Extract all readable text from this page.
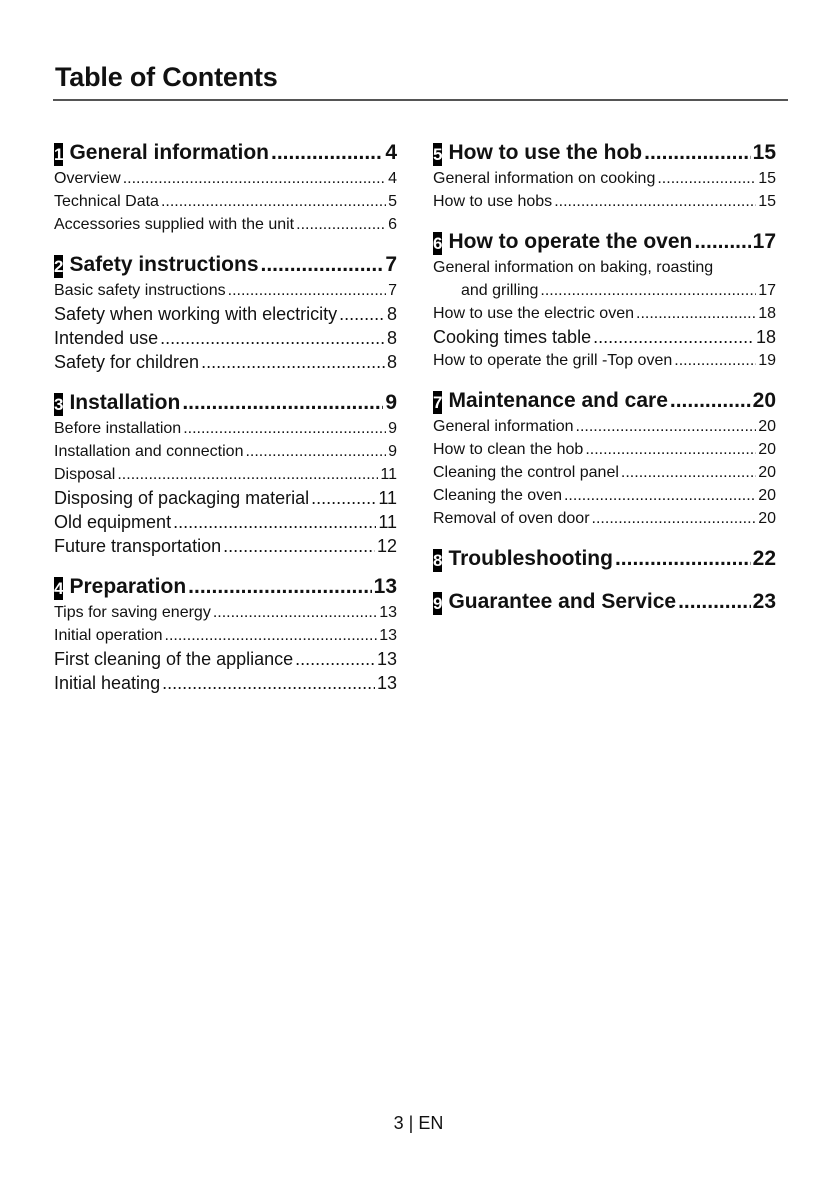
Table of Contents
1 General information .....	4
Overview .....	4
Technical Data .....	5
Accessories supplied with the unit .....	6
2 Safety instructions .....	7
Basic safety instructions .....	7
Safety when working with electricity .....	8
Intended use .....	8
Safety for children .....	8
3 Installation .....	9
Before installation .....	9
Installation and connection .....	9
Disposal .....	11
Disposing of packaging material .....	11
Old equipment .....	11
Future transportation .....	12
4 Preparation .....	13
Tips for saving energy .....	13
Initial operation .....	13
First cleaning of the appliance .....	13
Initial heating .....	13
5 How to use the hob .....	15
General information on cooking .....	15
How to use hobs .....	15
6 How to operate the oven .....	17
General information on baking, roasting
and grilling .....	17
How to use the electric oven .....	18
Cooking times table .....	18
How to operate the grill -Top oven .....	19
7 Maintenance and care .....	20
General information .....	20
How to clean the hob .....	20
Cleaning the control panel .....	20
Cleaning the oven .....	20
Removal of oven door .....	20
8 Troubleshooting .....	22
9 Guarantee and Service .....	23
3 | EN
